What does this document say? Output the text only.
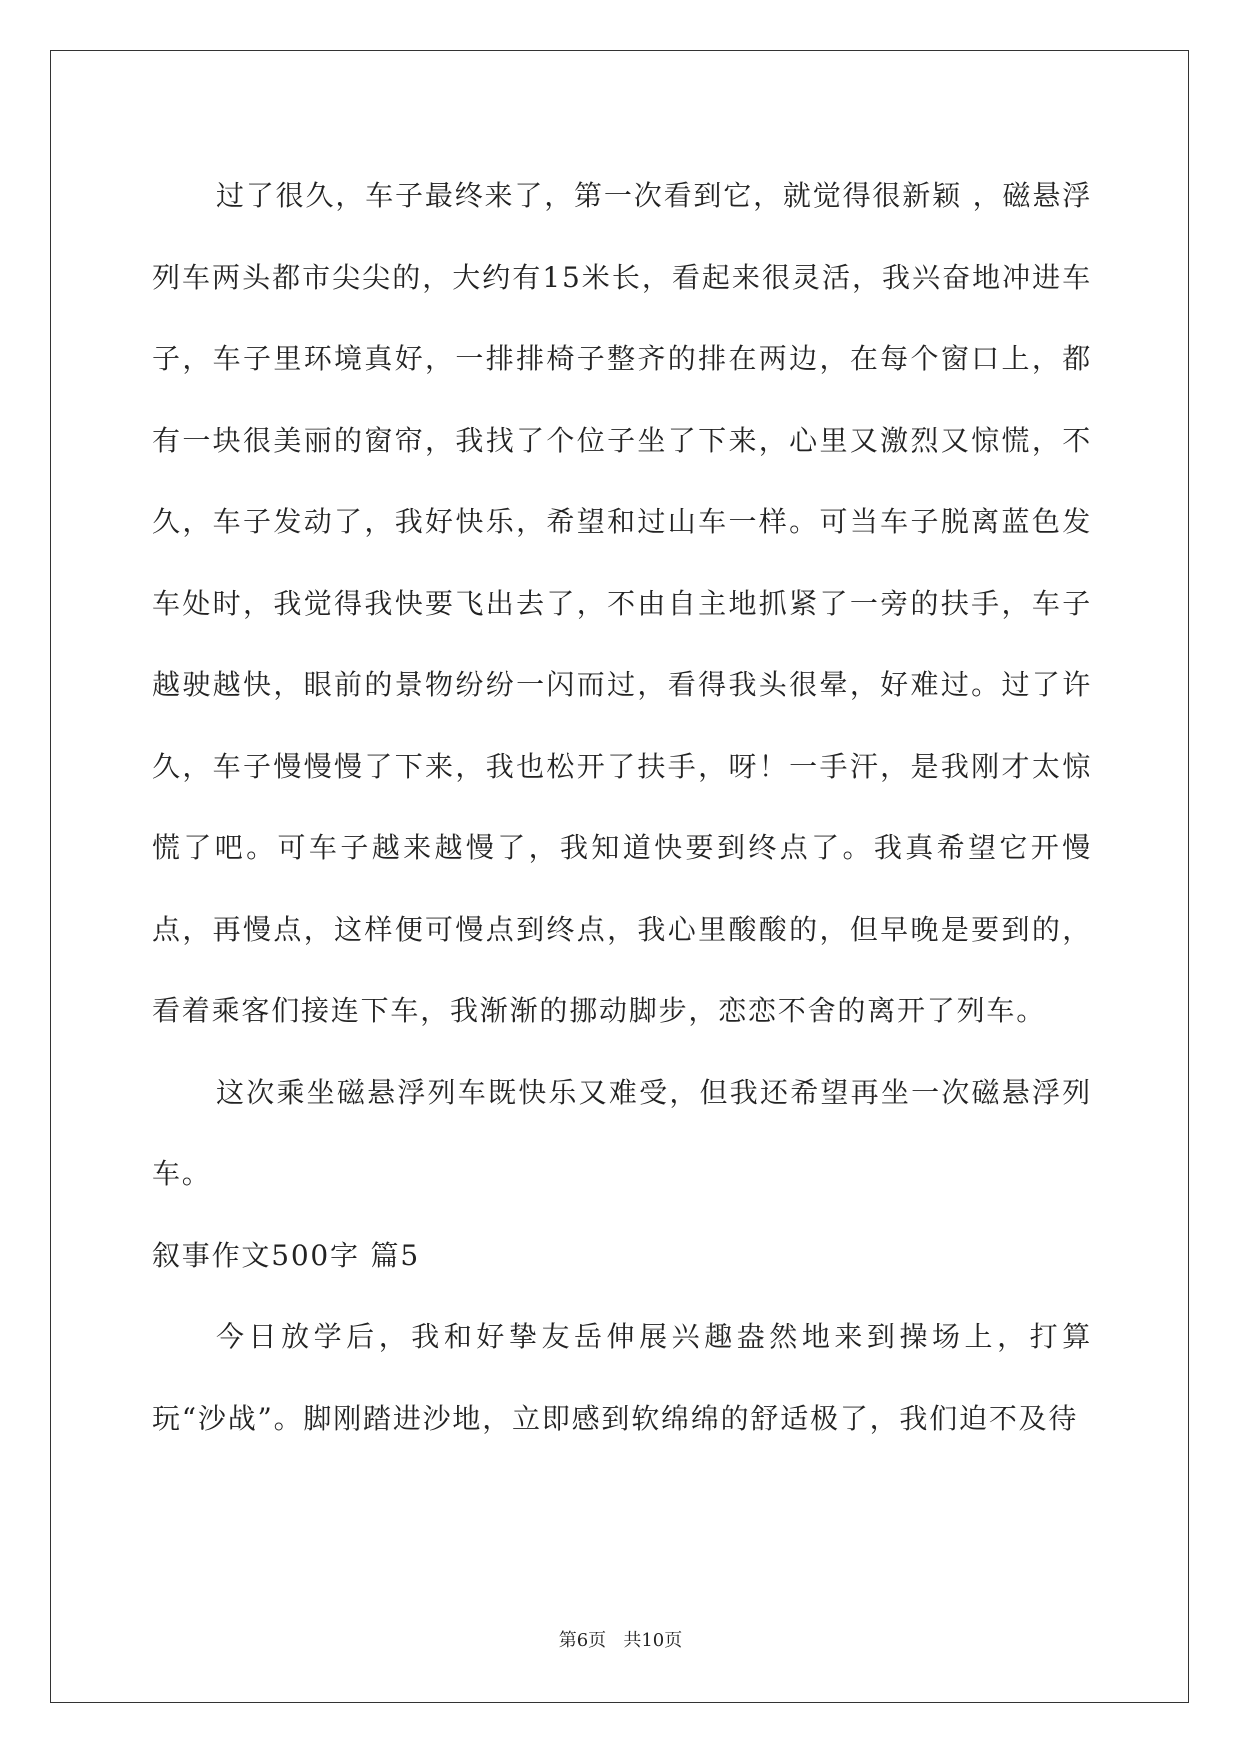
过了很久，车子最终来了，第一次看到它，就觉得很新颖 ，磁悬浮列车两头都市尖尖的，大约有15米长，看起来很灵活，我兴奋地冲进车子，车子里环境真好，一排排椅子整齐的排在两边，在每个窗口上，都有一块很美丽的窗帘，我找了个位子坐了下来，心里又激烈又惊慌，不久，车子发动了，我好快乐，希望和过山车一样。可当车子脱离蓝色发车处时，我觉得我快要飞出去了，不由自主地抓紧了一旁的扶手，车子越驶越快，眼前的景物纷纷一闪而过，看得我头很晕，好难过。过了许久，车子慢慢慢了下来，我也松开了扶手，呀！一手汗，是我刚才太惊慌了吧。可车子越来越慢了，我知道快要到终点了。我真希望它开慢点，再慢点，这样便可慢点到终点，我心里酸酸的，但早晚是要到的，看着乘客们接连下车，我渐渐的挪动脚步，恋恋不舍的离开了列车。

这次乘坐磁悬浮列车既快乐又难受，但我还希望再坐一次磁悬浮列车。

叙事作文500字 篇5

今日放学后，我和好挚友岳伸展兴趣盎然地来到操场上，打算玩“沙战”。脚刚踏进沙地，立即感到软绵绵的舒适极了，我们迫不及待

第6页   共10页
